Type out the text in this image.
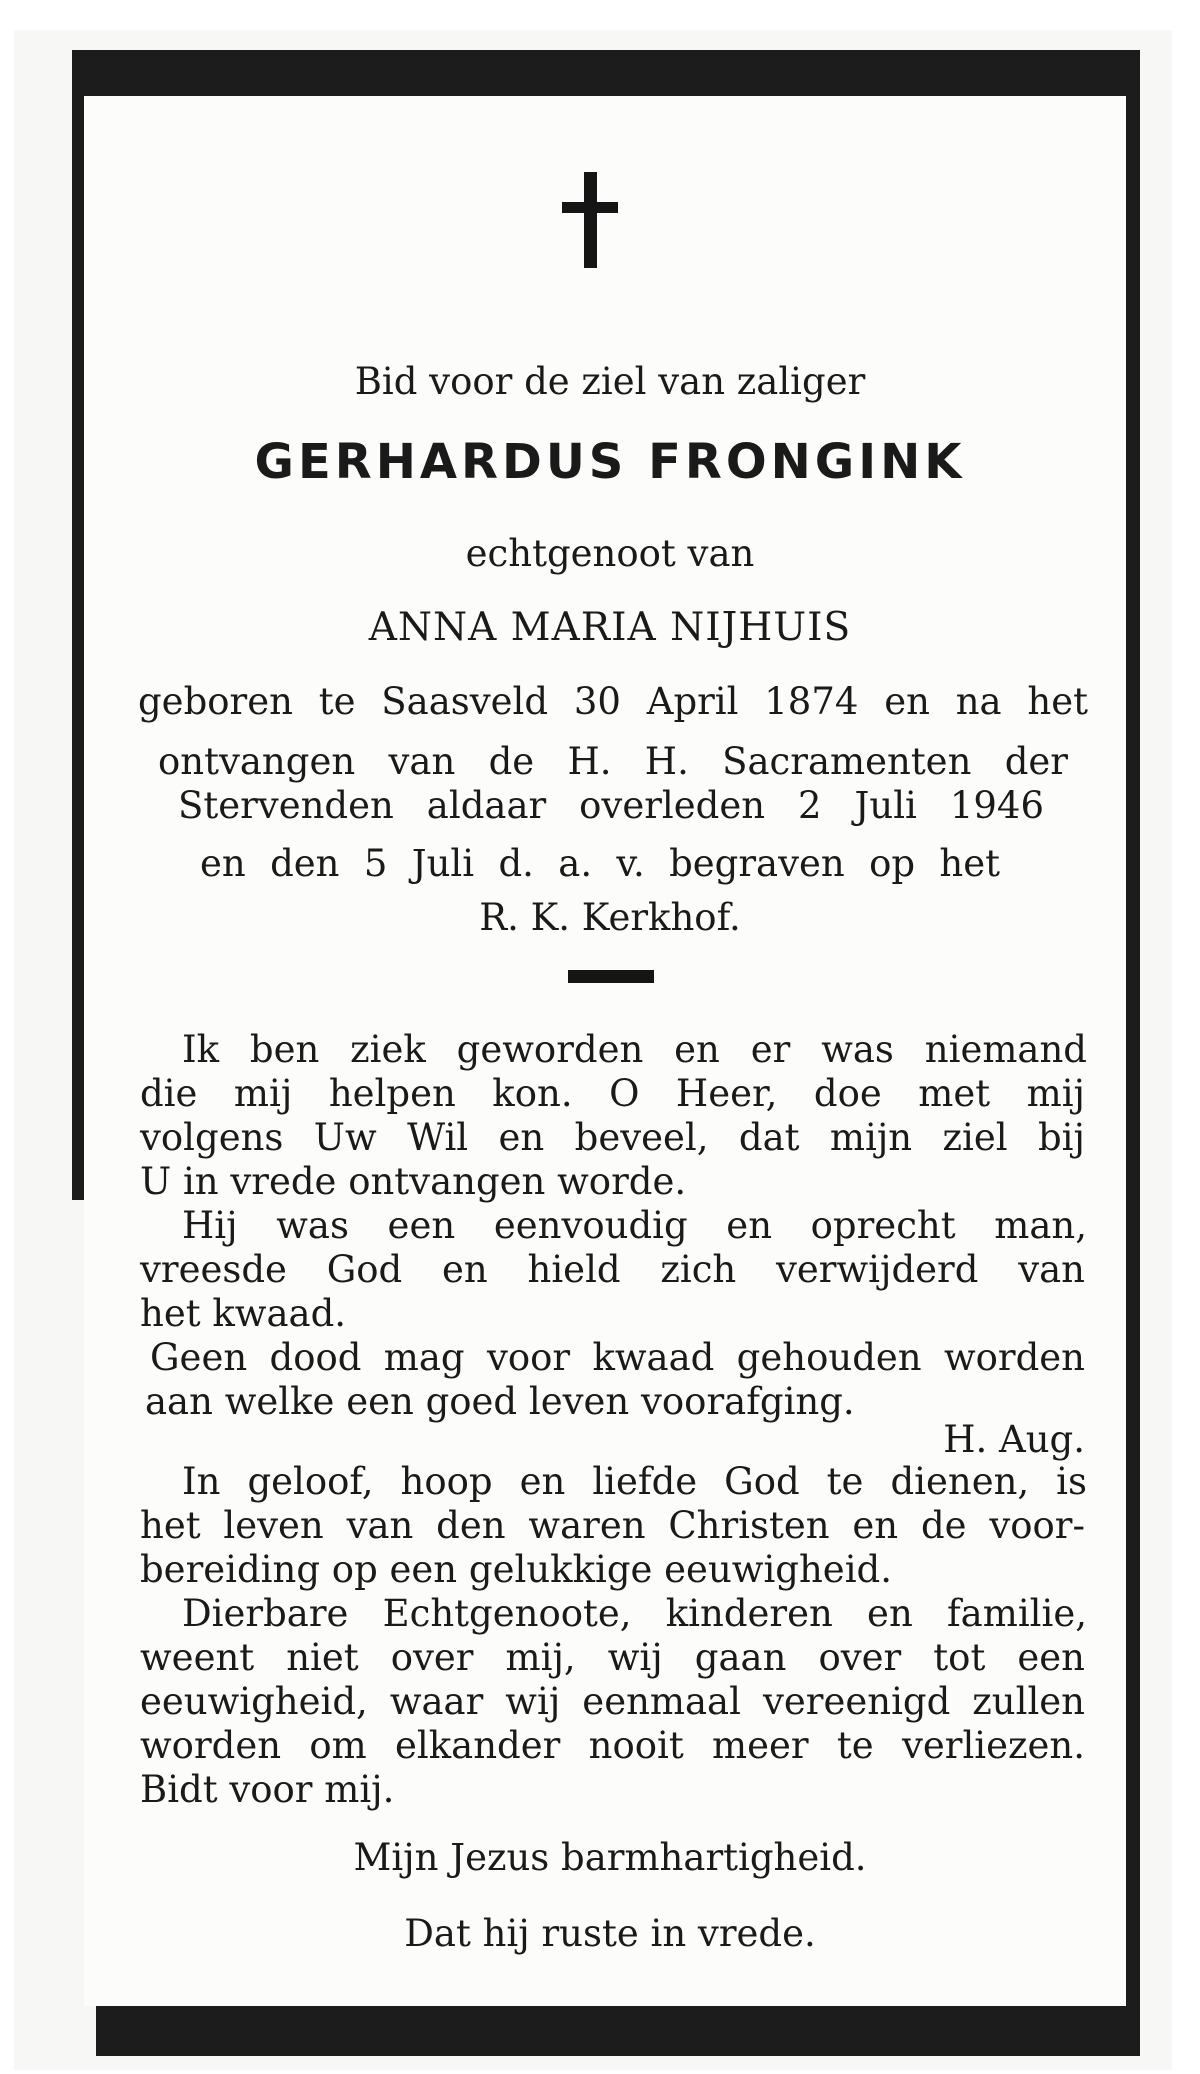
Bid voor de ziel van zaliger
GERHARDUS FRONGINK
echtgenoot van
ANNA MARIA NIJHUIS
geboren te Saasveld 30 April 1874 en na het
ontvangen van de H. H. Sacramenten der
Stervenden aldaar overleden 2 Juli 1946
en den 5 Juli d. a. v. begraven op het
R. K. Kerkhof.
Ik ben ziek geworden en er was niemand
die mij helpen kon. O Heer, doe met mij
volgens Uw Wil en beveel, dat mijn ziel bij
U in vrede ontvangen worde.
Hij was een eenvoudig en oprecht man,
vreesde God en hield zich verwijderd van
het kwaad.
Geen dood mag voor kwaad gehouden worden
aan welke een goed leven voorafging.
H. Aug.
In geloof, hoop en liefde God te dienen, is
het leven van den waren Christen en de voor-
bereiding op een gelukkige eeuwigheid.
Dierbare Echtgenoote, kinderen en familie,
weent niet over mij, wij gaan over tot een
eeuwigheid, waar wij eenmaal vereenigd zullen
worden om elkander nooit meer te verliezen.
Bidt voor mij.
Mijn Jezus barmhartigheid.
Dat hij ruste in vrede.
